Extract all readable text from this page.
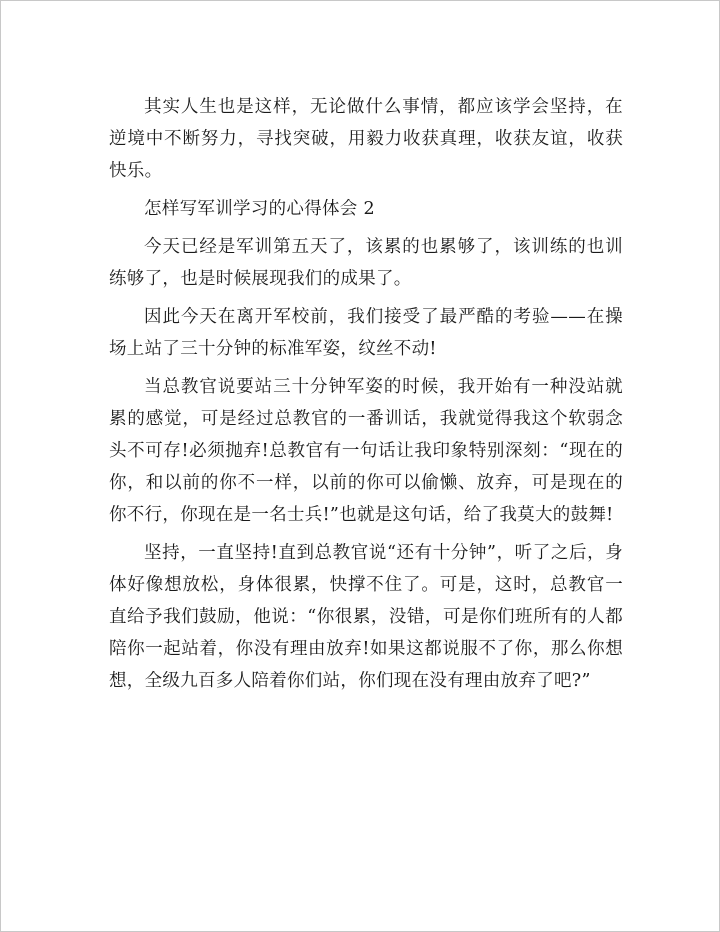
其实人生也是这样，无论做什么事情，都应该学会坚持，在逆境中不断努力，寻找突破，用毅力收获真理，收获友谊，收获快乐。

怎样写军训学习的心得体会 2

今天已经是军训第五天了，该累的也累够了，该训练的也训练够了，也是时候展现我们的成果了。

因此今天在离开军校前，我们接受了最严酷的考验——在操场上站了三十分钟的标准军姿，纹丝不动!

当总教官说要站三十分钟军姿的时候，我开始有一种没站就累的感觉，可是经过总教官的一番训话，我就觉得我这个软弱念头不可存!必须抛弃!总教官有一句话让我印象特别深刻：“现在的你，和以前的你不一样，以前的你可以偷懒、放弃，可是现在的你不行，你现在是一名士兵!”也就是这句话，给了我莫大的鼓舞!

坚持，一直坚持!直到总教官说“还有十分钟”，听了之后，身体好像想放松，身体很累，快撑不住了。可是，这时，总教官一直给予我们鼓励，他说：“你很累，没错，可是你们班所有的人都陪你一起站着，你没有理由放弃!如果这都说服不了你，那么你想想，全级九百多人陪着你们站，你们现在没有理由放弃了吧?”
